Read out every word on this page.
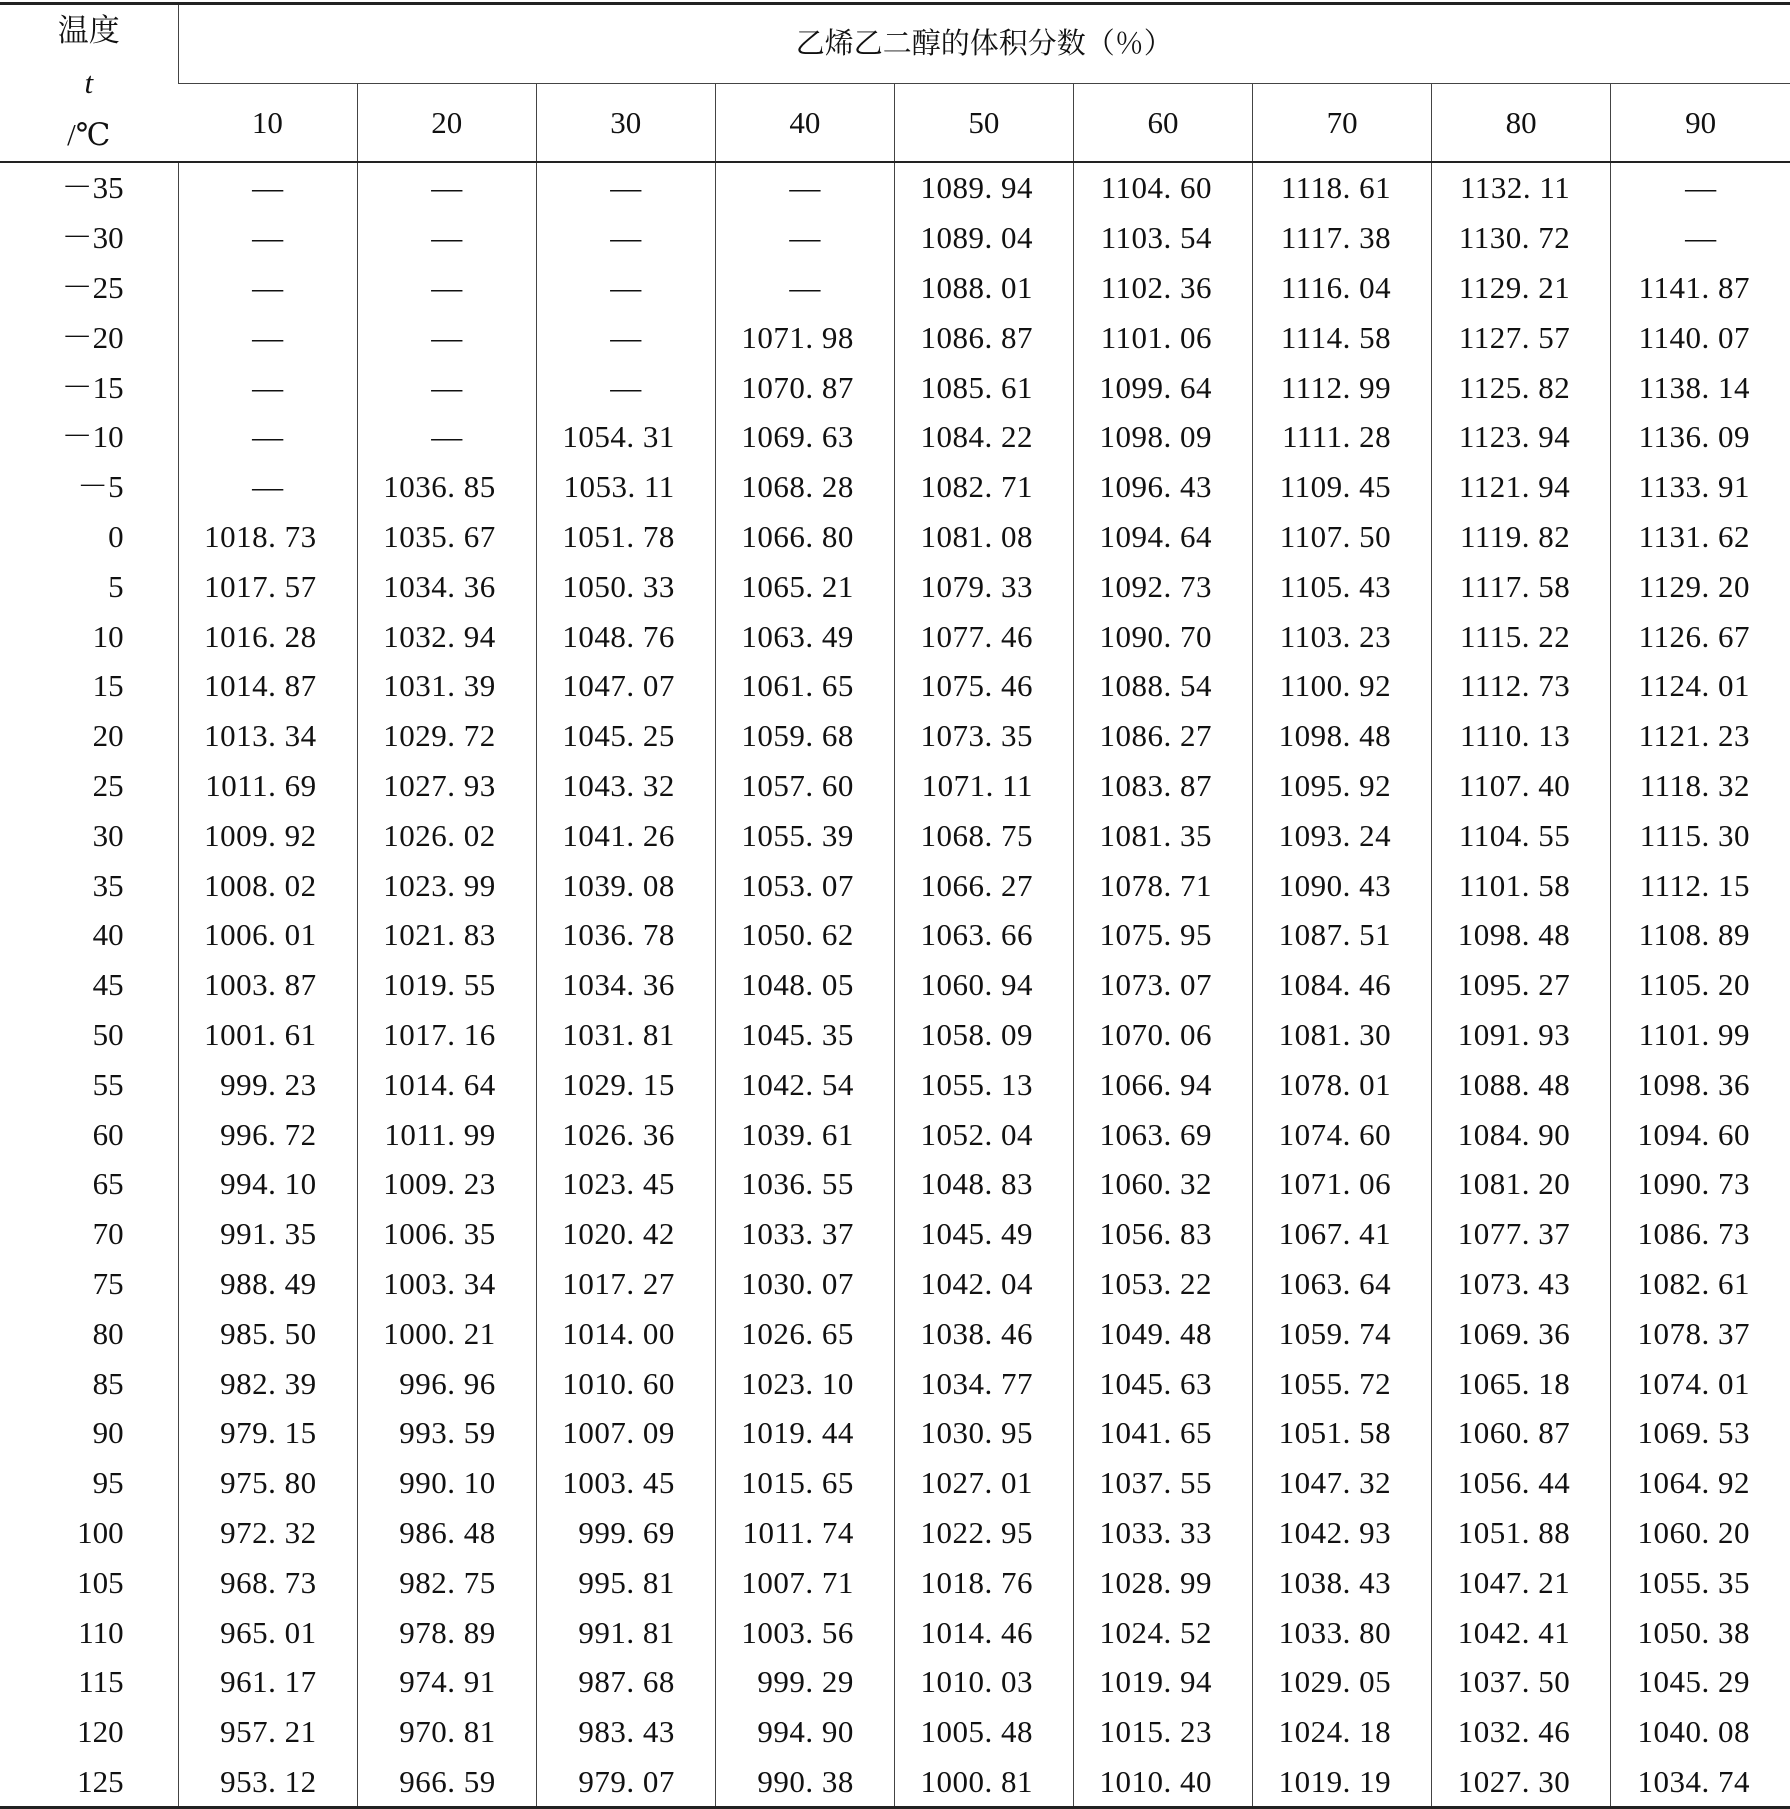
温度
t
/℃	乙烯乙二醇的体积分数（％）								
	10	20	30	40	50	60	70	80	90
－35	—	—	—	—	1089. 94	1104. 60	1118. 61	1132. 11	—
－30	—	—	—	—	1089. 04	1103. 54	1117. 38	1130. 72	—
－25	—	—	—	—	1088. 01	1102. 36	1116. 04	1129. 21	1141. 87
－20	—	—	—	1071. 98	1086. 87	1101. 06	1114. 58	1127. 57	1140. 07
－15	—	—	—	1070. 87	1085. 61	1099. 64	1112. 99	1125. 82	1138. 14
－10	—	—	1054. 31	1069. 63	1084. 22	1098. 09	1111. 28	1123. 94	1136. 09
－5	—	1036. 85	1053. 11	1068. 28	1082. 71	1096. 43	1109. 45	1121. 94	1133. 91
0	1018. 73	1035. 67	1051. 78	1066. 80	1081. 08	1094. 64	1107. 50	1119. 82	1131. 62
5	1017. 57	1034. 36	1050. 33	1065. 21	1079. 33	1092. 73	1105. 43	1117. 58	1129. 20
10	1016. 28	1032. 94	1048. 76	1063. 49	1077. 46	1090. 70	1103. 23	1115. 22	1126. 67
15	1014. 87	1031. 39	1047. 07	1061. 65	1075. 46	1088. 54	1100. 92	1112. 73	1124. 01
20	1013. 34	1029. 72	1045. 25	1059. 68	1073. 35	1086. 27	1098. 48	1110. 13	1121. 23
25	1011. 69	1027. 93	1043. 32	1057. 60	1071. 11	1083. 87	1095. 92	1107. 40	1118. 32
30	1009. 92	1026. 02	1041. 26	1055. 39	1068. 75	1081. 35	1093. 24	1104. 55	1115. 30
35	1008. 02	1023. 99	1039. 08	1053. 07	1066. 27	1078. 71	1090. 43	1101. 58	1112. 15
40	1006. 01	1021. 83	1036. 78	1050. 62	1063. 66	1075. 95	1087. 51	1098. 48	1108. 89
45	1003. 87	1019. 55	1034. 36	1048. 05	1060. 94	1073. 07	1084. 46	1095. 27	1105. 20
50	1001. 61	1017. 16	1031. 81	1045. 35	1058. 09	1070. 06	1081. 30	1091. 93	1101. 99
55	999. 23	1014. 64	1029. 15	1042. 54	1055. 13	1066. 94	1078. 01	1088. 48	1098. 36
60	996. 72	1011. 99	1026. 36	1039. 61	1052. 04	1063. 69	1074. 60	1084. 90	1094. 60
65	994. 10	1009. 23	1023. 45	1036. 55	1048. 83	1060. 32	1071. 06	1081. 20	1090. 73
70	991. 35	1006. 35	1020. 42	1033. 37	1045. 49	1056. 83	1067. 41	1077. 37	1086. 73
75	988. 49	1003. 34	1017. 27	1030. 07	1042. 04	1053. 22	1063. 64	1073. 43	1082. 61
80	985. 50	1000. 21	1014. 00	1026. 65	1038. 46	1049. 48	1059. 74	1069. 36	1078. 37
85	982. 39	996. 96	1010. 60	1023. 10	1034. 77	1045. 63	1055. 72	1065. 18	1074. 01
90	979. 15	993. 59	1007. 09	1019. 44	1030. 95	1041. 65	1051. 58	1060. 87	1069. 53
95	975. 80	990. 10	1003. 45	1015. 65	1027. 01	1037. 55	1047. 32	1056. 44	1064. 92
100	972. 32	986. 48	999. 69	1011. 74	1022. 95	1033. 33	1042. 93	1051. 88	1060. 20
105	968. 73	982. 75	995. 81	1007. 71	1018. 76	1028. 99	1038. 43	1047. 21	1055. 35
110	965. 01	978. 89	991. 81	1003. 56	1014. 46	1024. 52	1033. 80	1042. 41	1050. 38
115	961. 17	974. 91	987. 68	999. 29	1010. 03	1019. 94	1029. 05	1037. 50	1045. 29
120	957. 21	970. 81	983. 43	994. 90	1005. 48	1015. 23	1024. 18	1032. 46	1040. 08
125	953. 12	966. 59	979. 07	990. 38	1000. 81	1010. 40	1019. 19	1027. 30	1034. 74
